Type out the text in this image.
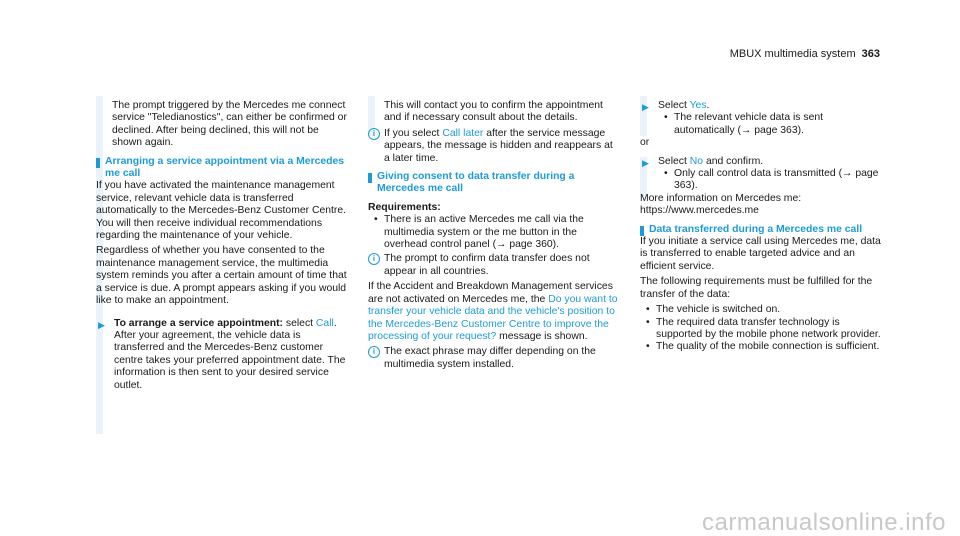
MBUX multimedia system 363

The prompt triggered by the Mercedes me connect service "Teledianostics", can either be confirmed or declined. After being declined, this will not be shown again.

Arranging a service appointment via a Mercedes me call

If you have activated the maintenance management service, relevant vehicle data is transferred automatically to the Mercedes-Benz Customer Centre. You will then receive individual recommendations regarding the maintenance of your vehicle.

Regardless of whether you have consented to the maintenance management service, the multimedia system reminds you after a certain amount of time that a service is due. A prompt appears asking if you would like to make an appointment.

▶ To arrange a service appointment: select Call.
After your agreement, the vehicle data is transferred and the Mercedes-Benz customer centre takes your preferred appointment date. The information is then sent to your desired service outlet.

This will contact you to confirm the appointment and if necessary consult about the details.

i If you select Call later after the service message appears, the message is hidden and reappears at a later time.
Giving consent to data transfer during a Mercedes me call

Requirements:

• There is an active Mercedes me call via the multimedia system or the me button in the overhead control panel (→ page 360).
i The prompt to confirm data transfer does not appear in all countries.

If the Accident and Breakdown Management services are not activated on Mercedes me, the Do you want to transfer your vehicle data and the vehicle's position to the Mercedes-Benz Customer Centre to improve the processing of your request? message is shown.

i The exact phrase may differ depending on the multimedia system installed.
▶ Select Yes.
• The relevant vehicle data is sent automatically (→ page 363).

or

▶ Select No and confirm.
• Only call control data is transmitted (→ page 363).

More information on Mercedes me: https://www.mercedes.me

Data transferred during a Mercedes me call

If you initiate a service call using Mercedes me, data is transferred to enable targeted advice and an efficient service.

The following requirements must be fulfilled for the transfer of the data:

• The vehicle is switched on.
• The required data transfer technology is supported by the mobile phone network provider.
• The quality of the mobile connection is sufficient.
carmanualsonline.info
